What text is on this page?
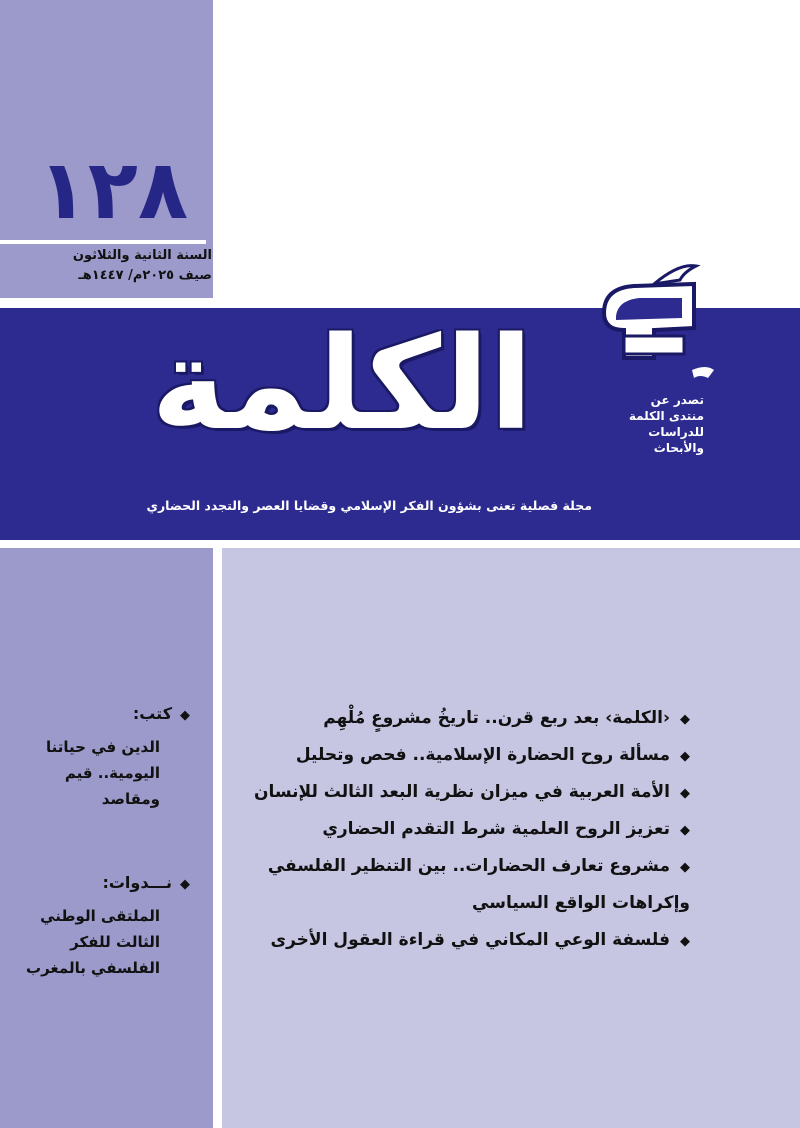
١٢٨
السنة الثانية والثلاثون
صيف ٢٠٢٥م/ ١٤٤٧هـ
الكلمة	تصدر عن
منتدى الكلمة
للدراسات
والأبحاث
مجلة فصلية تعنى بشؤون الفكر الإسلامي وقضايا العصر والتجدد الحضاري
◆كتب:
الدين في حياتنا
اليومية.. قيم
ومقاصد
◆نـــدوات:
الملتقى الوطني
الثالث للفكر
الفلسفي بالمغرب
◆‹الكلمة› بعد ربع قرن.. تاريخُ مشروعٍ مُلْهِم
◆مسألة روح الحضارة الإسلامية.. فحص وتحليل
◆الأمة العربية في ميزان نظرية البعد الثالث للإنسان
◆تعزيز الروح العلمية شرط التقدم الحضاري
◆مشروع تعارف الحضارات.. بين التنظير الفلسفي
وإكراهات الواقع السياسي
◆فلسفة الوعي المكاني في قراءة العقول الأخرى
